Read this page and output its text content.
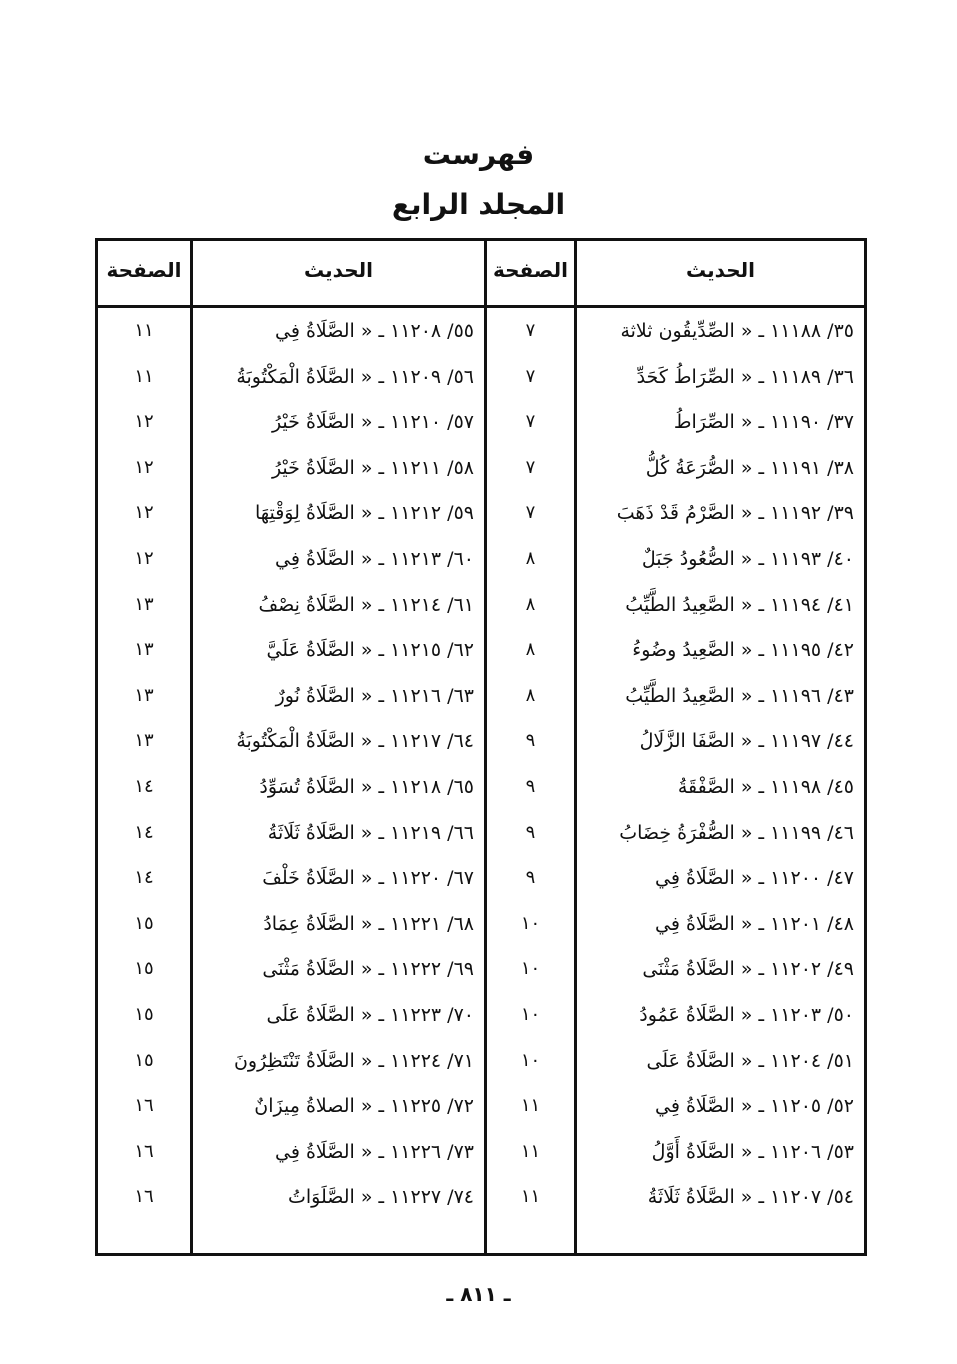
فهرست
المجلد الرابع
الحديث
الصفحة
الحديث
الصفحة
٣٥/ ١١١٨٨ ـ « الصِّدِّيقُون ثلاثة
٧
٣٦/ ١١١٨٩ ـ « الصِّرَاطُ كَحَدِّ
٧
٣٧/ ١١١٩٠ ـ « الصِّرَاطُ
٧
٣٨/ ١١١٩١ ـ « الصُّرَعَةُ كُلُّ
٧
٣٩/ ١١١٩٢ ـ « الصَّرْمُ قَدْ ذَهَبَ
٧
٤٠/ ١١١٩٣ ـ « الصُّعُودُ جَبَلٌ
٨
٤١/ ١١١٩٤ ـ « الصَّعِيدُ الطَّيِّبُ
٨
٤٢/ ١١١٩٥ ـ « الصَّعِيدُ وضُوءُ
٨
٤٣/ ١١١٩٦ ـ « الصَّعِيدُ الطَّيِّبُ
٨
٤٤/ ١١١٩٧ ـ « الصَّفَا الزَّلَالُ
٩
٤٥/ ١١١٩٨ ـ « الصَّفْقَةُ
٩
٤٦/ ١١١٩٩ ـ « الصُّفْرَةُ خِضَابُ
٩
٤٧/ ١١٢٠٠ ـ « الصَّلَاةُ فِي
٩
٤٨/ ١١٢٠١ ـ « الصَّلَاةُ فِي
١٠
٤٩/ ١١٢٠٢ ـ « الصَّلَاةُ مَثْنَى
١٠
٥٠/ ١١٢٠٣ ـ « الصَّلَاةُ عَمُودُ
١٠
٥١/ ١١٢٠٤ ـ « الصَّلَاةُ عَلَى
١٠
٥٢/ ١١٢٠٥ ـ « الصَّلَاةُ فِي
١١
٥٣/ ١١٢٠٦ ـ « الصَّلَاةُ أَوَّلُ
١١
٥٤/ ١١٢٠٧ ـ « الصَّلَاةُ ثَلَاثَةُ
١١
٥٥/ ١١٢٠٨ ـ « الصَّلَاةُ فِي
١١
٥٦/ ١١٢٠٩ ـ « الصَّلَاةُ الْمَكْتُوبَةُ
١١
٥٧/ ١١٢١٠ ـ « الصَّلَاةُ خَيْرُ
١٢
٥٨/ ١١٢١١ ـ « الصَّلَاةُ خَيْرُ
١٢
٥٩/ ١١٢١٢ ـ « الصَّلَاةُ لِوَقْتِهَا
١٢
٦٠/ ١١٢١٣ ـ « الصَّلَاةُ فِي
١٢
٦١/ ١١٢١٤ ـ « الصَّلَاةُ نِصْفُ
١٣
٦٢/ ١١٢١٥ ـ « الصَّلَاةُ عَلَيَّ
١٣
٦٣/ ١١٢١٦ ـ « الصَّلَاةُ نُورٌ
١٣
٦٤/ ١١٢١٧ ـ « الصَّلَاةُ الْمَكْتُوبَةُ
١٣
٦٥/ ١١٢١٨ ـ « الصَّلَاةُ تُسَوِّدُ
١٤
٦٦/ ١١٢١٩ ـ « الصَّلَاةُ ثَلَاثَةُ
١٤
٦٧/ ١١٢٢٠ ـ « الصَّلَاةُ خَلْفَ
١٤
٦٨/ ١١٢٢١ ـ « الصَّلَاةُ عِمَادُ
١٥
٦٩/ ١١٢٢٢ ـ « الصَّلَاةُ مَثْنَى
١٥
٧٠/ ١١٢٢٣ ـ « الصَّلَاةُ عَلَى
١٥
٧١/ ١١٢٢٤ ـ « الصَّلَاةُ تَنْتَظِرُونَ
١٥
٧٢/ ١١٢٢٥ ـ « الصلاةُ مِيزَانٌ
١٦
٧٣/ ١١٢٢٦ ـ « الصَّلَاةُ فِي
١٦
٧٤/ ١١٢٢٧ ـ « الصَّلَوَاتُ
١٦
ـ ٨١١ ـ
